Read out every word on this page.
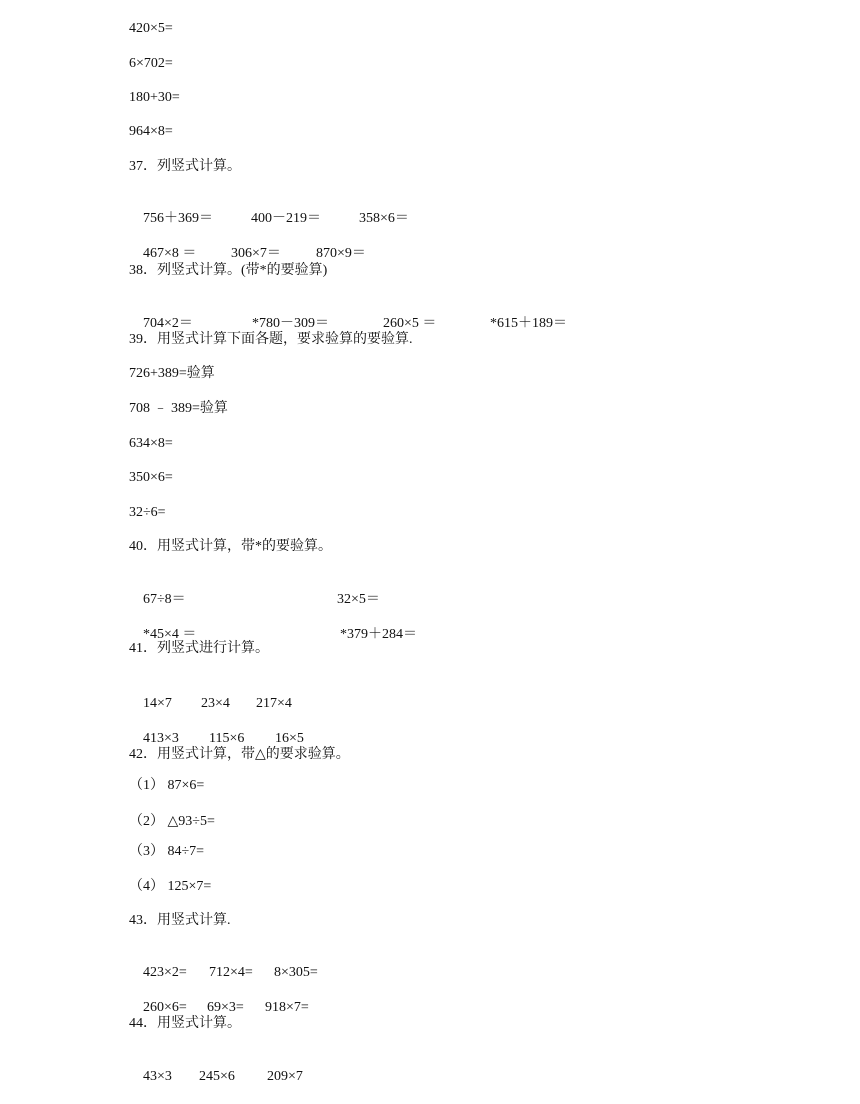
420×5=
6×702=
180+30=
964×8=
37．列竖式计算。

756＋369＝	400－219＝	358×6＝

467×8 ＝ 306×7＝	870×9＝

38．列竖式计算。(带*的要验算)

704×2＝	*780－309＝	260×5 ＝	*615＋189＝

39．用竖式计算下面各题，要求验算的要验算.
726+389=验算
708 ﹣ 389=验算
634×8=
350×6=
32÷6=
40．用竖式计算，带*的要验算。

67÷8＝	32×5＝

*45×4 ＝	*379＋284＝

41．列竖式进行计算。

14×7 23×4 217×4

413×3 115×6 16×5

42．用竖式计算，带△的要求验算。
（1） 87×6=
（2） △93÷5=
（3） 84÷7=
（4） 125×7=
43．用竖式计算.

423×2= 712×4= 8×305=

260×6= 69×3= 918×7=

44．用竖式计算。

43×3 245×6 209×7
